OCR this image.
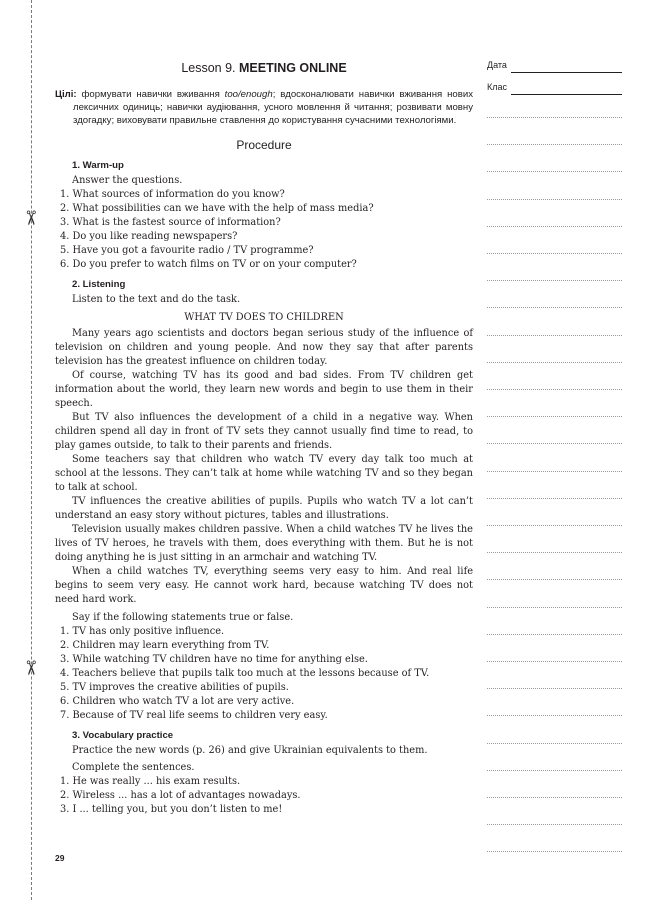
✂
✂
Lesson 9. MEETING ONLINE

Цілі: формувати навички вживання too/enough; вдосконалювати навички вживання нових лексичних одиниць; навички аудіювання, усного мовлення й читання; розвивати мовну здогадку; виховувати правильне ставлення до користування сучасними технологіями.

Procedure
1. Warm-up
Answer the questions.
1. What sources of information do you know?
2. What possibilities can we have with the help of mass media?
3. What is the fastest source of information?
4. Do you like reading newspapers?
5. Have you got a favourite radio / TV programme?
6. Do you prefer to watch films on TV or on your computer?
2. Listening
Listen to the text and do the task.
WHAT TV DOES TO CHILDREN

Many years ago scientists and doctors began serious study of the influence of television on children and young people. And now they say that after parents television has the greatest influence on children today.

Of course, watching TV has its good and bad sides. From TV children get information about the world, they learn new words and begin to use them in their speech.

But TV also influences the development of a child in a negative way. When children spend all day in front of TV sets they cannot usually find time to read, to play games outside, to talk to their parents and friends.

Some teachers say that children who watch TV every day talk too much at school at the lessons. They can’t talk at home while watching TV and so they began to talk at school.

TV influences the creative abilities of pupils. Pupils who watch TV a lot can’t understand an easy story without pictures, tables and illustrations.

Television usually makes children passive. When a child watches TV he lives the lives of TV heroes, he travels with them, does everything with them. But he is not doing anything he is just sitting in an armchair and watching TV.

When a child watches TV, everything seems very easy to him. And real life begins to seem very easy. He cannot work hard, because watching TV does not need hard work.

Say if the following statements true or false.
1. TV has only positive influence.
2. Children may learn everything from TV.
3. While watching TV children have no time for anything else.
4. Teachers believe that pupils talk too much at the lessons because of TV.
5. TV improves the creative abilities of pupils.
6. Children who watch TV a lot are very active.
7. Because of TV real life seems to children very easy.
3. Vocabulary practice
Practice the new words (p. 26) and give Ukrainian equivalents to them.
Complete the sentences.
1. He was really ... his exam results.
2. Wireless ... has a lot of advantages nowadays.
3. I ... telling you, but you don’t listen to me!
Дата
Клас
29
